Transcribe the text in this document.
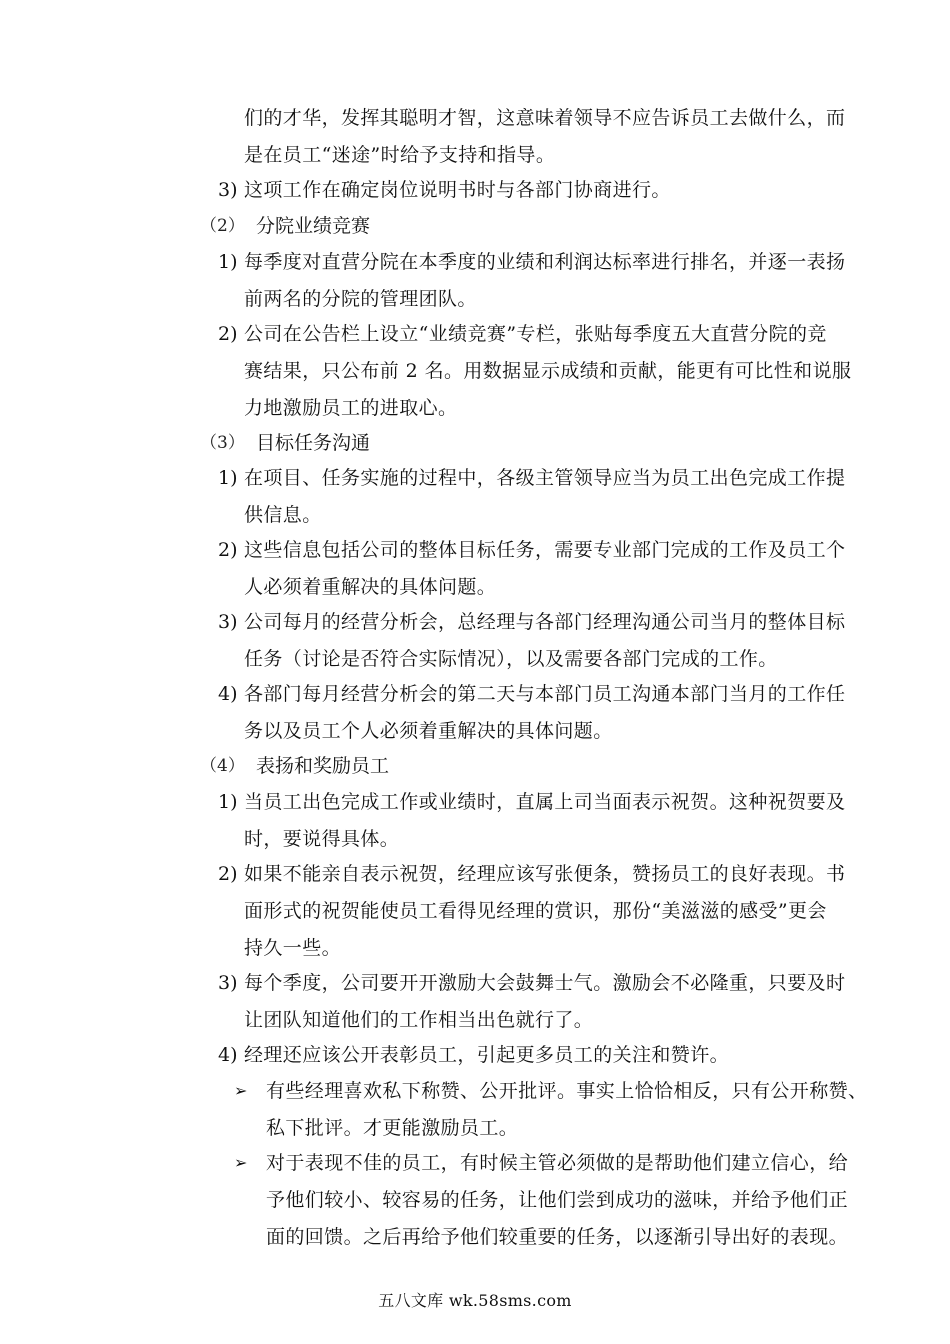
们的才华，发挥其聪明才智，这意味着领导不应告诉员工去做什么，而
是在员工“迷途”时给予支持和指导。
3) 这项工作在确定岗位说明书时与各部门协商进行。
（2） 分院业绩竞赛
1) 每季度对直营分院在本季度的业绩和利润达标率进行排名，并逐一表扬
前两名的分院的管理团队。
2) 公司在公告栏上设立“业绩竞赛”专栏，张贴每季度五大直营分院的竞
赛结果，只公布前 2 名。用数据显示成绩和贡献，能更有可比性和说服
力地激励员工的进取心。
（3） 目标任务沟通
1) 在项目、任务实施的过程中，各级主管领导应当为员工出色完成工作提
供信息。
2) 这些信息包括公司的整体目标任务，需要专业部门完成的工作及员工个
人必须着重解决的具体问题。
3) 公司每月的经营分析会，总经理与各部门经理沟通公司当月的整体目标
任务（讨论是否符合实际情况），以及需要各部门完成的工作。
4) 各部门每月经营分析会的第二天与本部门员工沟通本部门当月的工作任
务以及员工个人必须着重解决的具体问题。
（4） 表扬和奖励员工
1) 当员工出色完成工作或业绩时，直属上司当面表示祝贺。这种祝贺要及
时，要说得具体。
2) 如果不能亲自表示祝贺，经理应该写张便条，赞扬员工的良好表现。书
面形式的祝贺能使员工看得见经理的赏识，那份“美滋滋的感受”更会
持久一些。
3) 每个季度，公司要开开激励大会鼓舞士气。激励会不必隆重，只要及时
让团队知道他们的工作相当出色就行了。
4) 经理还应该公开表彰员工，引起更多员工的关注和赞许。
➢ 有些经理喜欢私下称赞、公开批评。事实上恰恰相反，只有公开称赞、
私下批评。才更能激励员工。
➢ 对于表现不佳的员工，有时候主管必须做的是帮助他们建立信心，给
予他们较小、较容易的任务，让他们尝到成功的滋味，并给予他们正
面的回馈。之后再给予他们较重要的任务，以逐渐引导出好的表现。
五八文库 wk.58sms.com
